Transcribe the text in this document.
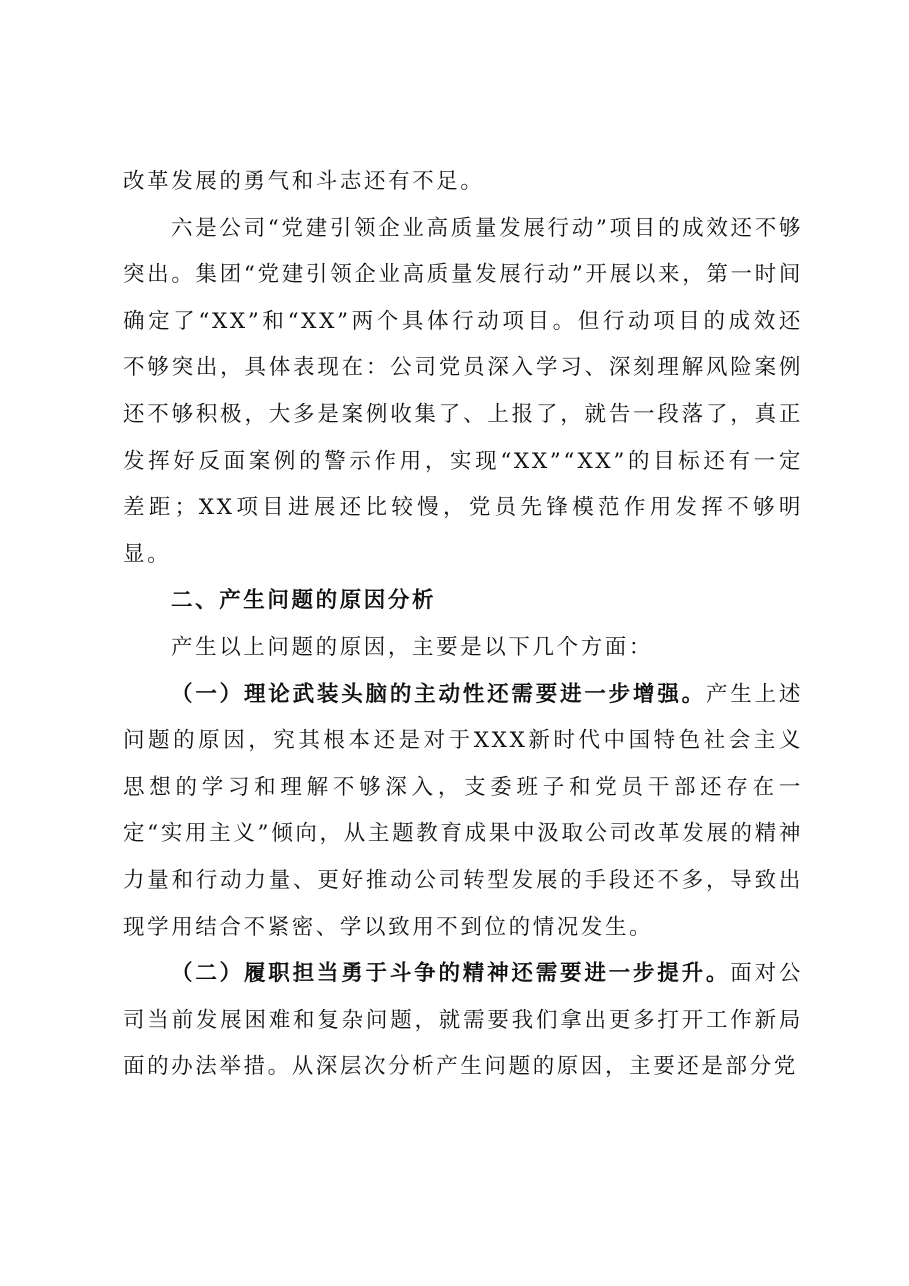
改革发展的勇气和斗志还有不足。

六是公司“党建引领企业高质量发展行动”项目的成效还不够突出。集团“党建引领企业高质量发展行动”开展以来，第一时间确定了“XX”和“XX”两个具体行动项目。但行动项目的成效还不够突出，具体表现在：公司党员深入学习、深刻理解风险案例还不够积极，大多是案例收集了、上报了，就告一段落了，真正发挥好反面案例的警示作用，实现“XX”“XX”的目标还有一定差距；XX项目进展还比较慢，党员先锋模范作用发挥不够明显。

二、产生问题的原因分析

产生以上问题的原因，主要是以下几个方面：

（一）理论武装头脑的主动性还需要进一步增强。产生上述问题的原因，究其根本还是对于XXX新时代中国特色社会主义思想的学习和理解不够深入，支委班子和党员干部还存在一定“实用主义”倾向，从主题教育成果中汲取公司改革发展的精神力量和行动力量、更好推动公司转型发展的手段还不多，导致出现学用结合不紧密、学以致用不到位的情况发生。

（二）履职担当勇于斗争的精神还需要进一步提升。面对公司当前发展困难和复杂问题，就需要我们拿出更多打开工作新局面的办法举措。从深层次分析产生问题的原因，主要还是部分党
